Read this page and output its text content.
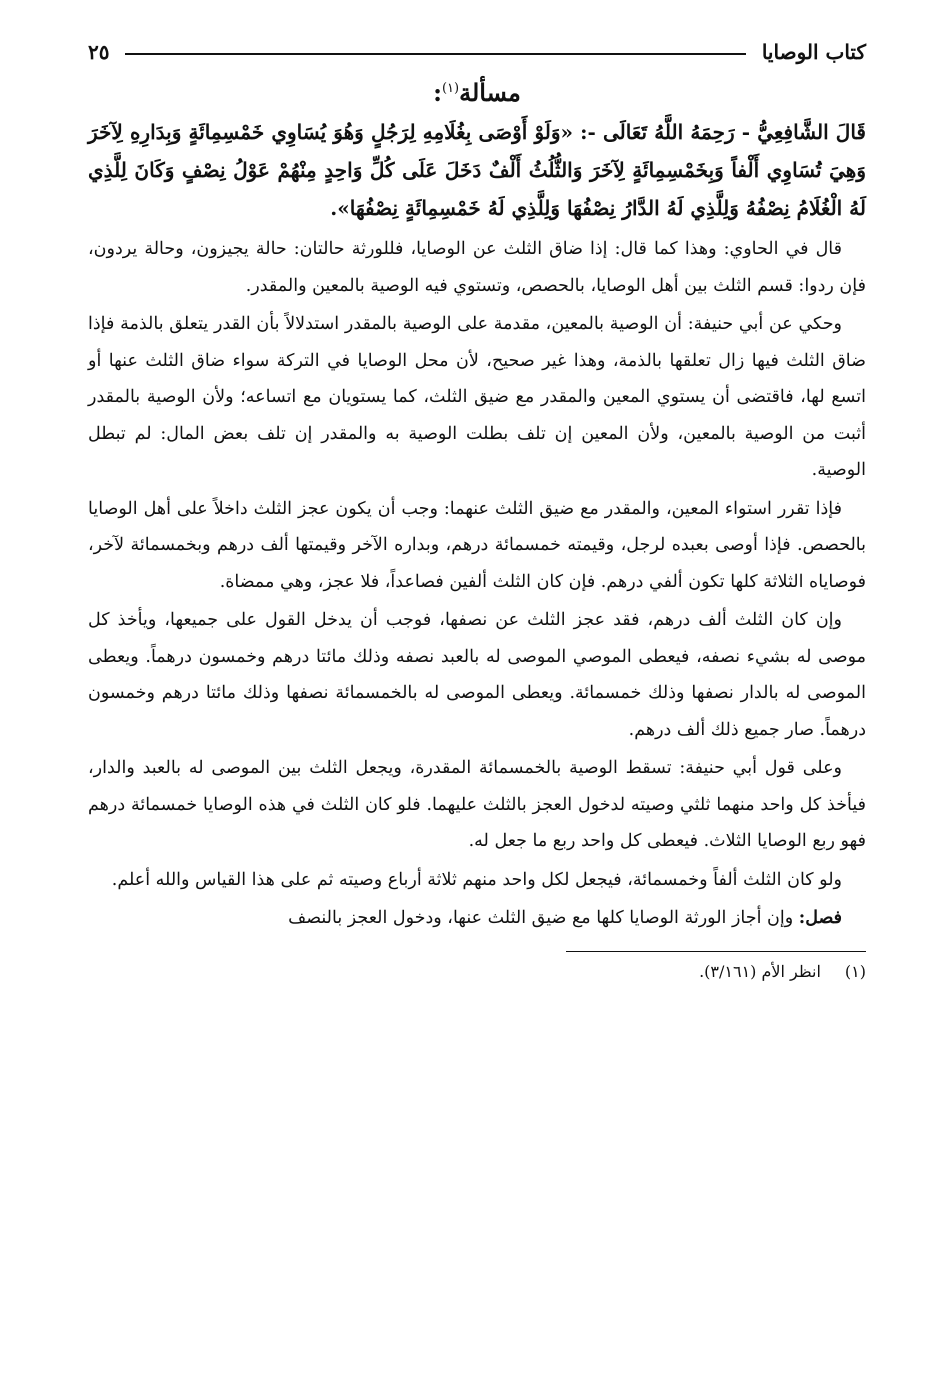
كتاب الوصايا
٢٥
مسألة$^{(١)}$:

قَالَ الشَّافِعِيُّ - رَحِمَهُ اللَّهُ تَعَالَى -: «وَلَوْ أَوْصَى بِغُلَامِهِ لِرَجُلٍ وَهُوَ يُسَاوِي خَمْسِمِائَةٍ وَبِدَارِهِ لِآخَرَ وَهِيَ تُسَاوِي أَلْفاً وَبِخَمْسِمِائَةٍ لِآخَرَ وَالثُّلُثُ أَلْفٌ دَخَلَ عَلَى كُلِّ وَاحِدٍ مِنْهُمْ عَوْلُ نِصْفٍ وَكَانَ لِلَّذِي لَهُ الْغُلَامُ نِصْفُهُ وَلِلَّذِي لَهُ الدَّارُ نِصْفُهَا وَلِلَّذِي لَهُ خَمْسِمِائَةٍ نِصْفُهَا».

قال في الحاوي: وهذا كما قال: إذا ضاق الثلث عن الوصايا، فللورثة حالتان: حالة يجيزون، وحالة يردون، فإن ردوا: قسم الثلث بين أهل الوصايا، بالحصص، وتستوي فيه الوصية بالمعين والمقدر.

وحكي عن أبي حنيفة: أن الوصية بالمعين، مقدمة على الوصية بالمقدر استدلالاً بأن القدر يتعلق بالذمة فإذا ضاق الثلث فيها زال تعلقها بالذمة، وهذا غير صحيح، لأن محل الوصايا في التركة سواء ضاق الثلث عنها أو اتسع لها، فاقتضى أن يستوي المعين والمقدر مع ضيق الثلث، كما يستويان مع اتساعه؛ ولأن الوصية بالمقدر أثبت من الوصية بالمعين، ولأن المعين إن تلف بطلت الوصية به والمقدر إن تلف بعض المال: لم تبطل الوصية.

فإذا تقرر استواء المعين، والمقدر مع ضيق الثلث عنهما: وجب أن يكون عجز الثلث داخلاً على أهل الوصايا بالحصص. فإذا أوصى بعبده لرجل، وقيمته خمسمائة درهم، وبداره الآخر وقيمتها ألف درهم وبخمسمائة لآخر، فوصاياه الثلاثة كلها تكون ألفي درهم. فإن كان الثلث ألفين فصاعداً، فلا عجز، وهي ممضاة.

وإن كان الثلث ألف درهم، فقد عجز الثلث عن نصفها، فوجب أن يدخل القول على جميعها، ويأخذ كل موصى له بشيء نصفه، فيعطى الموصي الموصى له بالعبد نصفه وذلك مائتا درهم وخمسون درهماً. ويعطى الموصى له بالدار نصفها وذلك خمسمائة. ويعطى الموصى له بالخمسمائة نصفها وذلك مائتا درهم وخمسون درهماً. صار جميع ذلك ألف درهم.

وعلى قول أبي حنيفة: تسقط الوصية بالخمسمائة المقدرة، ويجعل الثلث بين الموصى له بالعبد والدار، فيأخذ كل واحد منهما ثلثي وصيته لدخول العجز بالثلث عليهما. فلو كان الثلث في هذه الوصايا خمسمائة درهم فهو ربع الوصايا الثلاث. فيعطى كل واحد ربع ما جعل له.

ولو كان الثلث ألفاً وخمسمائة، فيجعل لكل واحد منهم ثلاثة أرباع وصيته ثم على هذا القياس والله أعلم.

فصل: وإن أجاز الورثة الوصايا كلها مع ضيق الثلث عنها، ودخول العجز بالنصف

(١)
انظر الأم (٣/١٦١).
